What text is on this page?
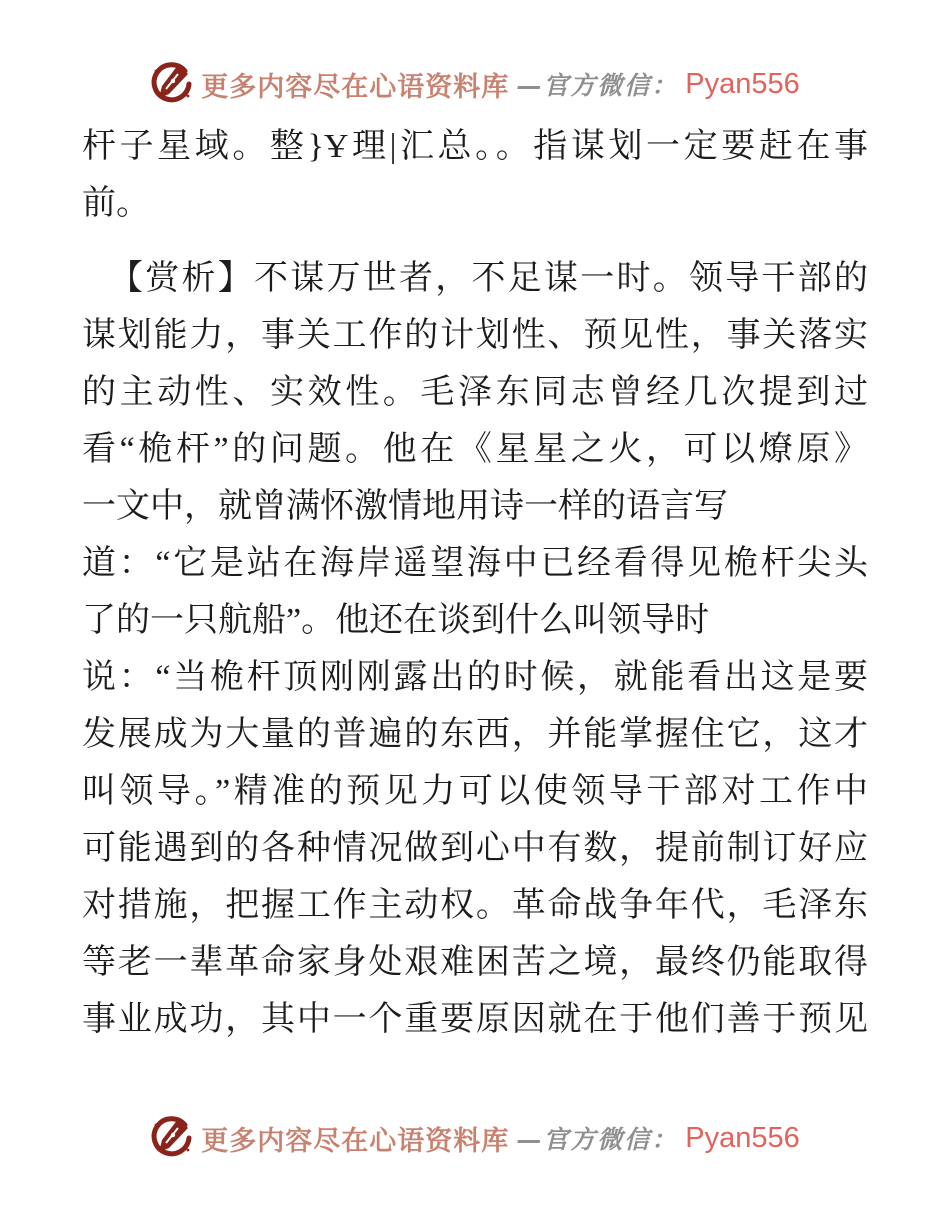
更多内容尽在心语资料库 —官方微信： Pyan556
杆子星域。整}Ұ理|汇总。。指谋划一定要赶在事
前。
【赏析】不谋万世者，不足谋一时。领导干部的
谋划能力，事关工作的计划性、预见性，事关落实
的主动性、实效性。毛泽东同志曾经几次提到过
看“桅杆”的问题。他在《星星之火，可以燎原》
一文中，就曾满怀激情地用诗一样的语言写
道：“它是站在海岸遥望海中已经看得见桅杆尖头
了的一只航船”。他还在谈到什么叫领导时
说：“当桅杆顶刚刚露出的时候，就能看出这是要
发展成为大量的普遍的东西，并能掌握住它，这才
叫领导。”精准的预见力可以使领导干部对工作中
可能遇到的各种情况做到心中有数，提前制订好应
对措施，把握工作主动权。革命战争年代，毛泽东
等老一辈革命家身处艰难困苦之境，最终仍能取得
事业成功，其中一个重要原因就在于他们善于预见
更多内容尽在心语资料库 —官方微信： Pyan556
